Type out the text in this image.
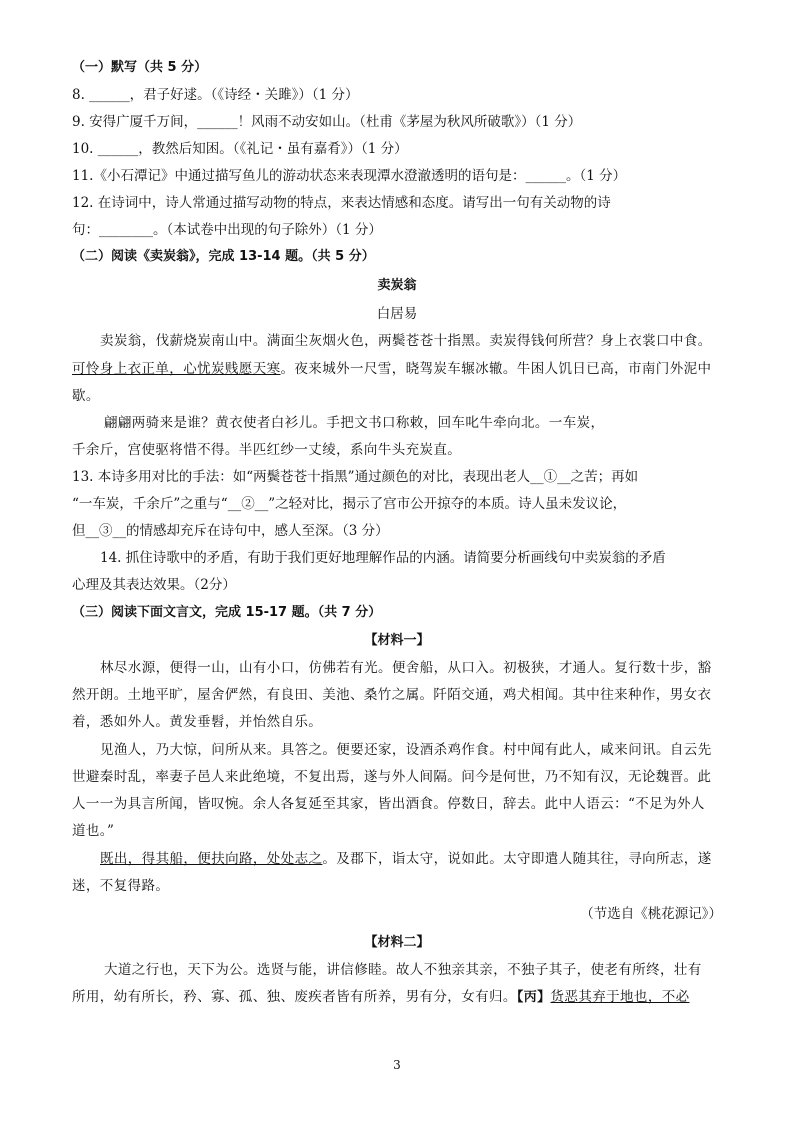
（一）默写（共 5 分）
8. ______，君子好逑。（《诗经・关雎》）（1 分）
9. 安得广厦千万间，______！风雨不动安如山。（杜甫《茅屋为秋风所破歌》）（1 分）
10. ______，教然后知困。（《礼记・虽有嘉肴》）（1 分）
11.《小石潭记》中通过描写鱼儿的游动状态来表现潭水澄澈透明的语句是：______。（1 分）
12. 在诗词中，诗人常通过描写动物的特点，来表达情感和态度。请写出一句有关动物的诗
句：________。（本试卷中出现的句子除外）（1 分）
（二）阅读《卖炭翁》，完成 13-14 题。（共 5 分）
卖炭翁
白居易
卖炭翁，伐薪烧炭南山中。满面尘灰烟火色，两鬓苍苍十指黑。卖炭得钱何所营？身上衣裳口中食。
可怜身上衣正单，心忧炭贱愿天寒。夜来城外一尺雪，晓驾炭车辗冰辙。牛困人饥日已高，市南门外泥中
歇。
翩翩两骑来是谁？黄衣使者白衫儿。手把文书口称敕，回车叱牛牵向北。一车炭，
千余斤，宫使驱将惜不得。半匹红纱一丈绫，系向牛头充炭直。
13. 本诗多用对比的手法：如“两鬓苍苍十指黑”通过颜色的对比，表现出老人__①__之苦；再如
“一车炭，千余斤”之重与“__②__”之轻对比，揭示了宫市公开掠夺的本质。诗人虽未发议论，
但__③__的情感却充斥在诗句中，感人至深。（3 分）
14. 抓住诗歌中的矛盾，有助于我们更好地理解作品的内涵。请简要分析画线句中卖炭翁的矛盾
心理及其表达效果。（2分）
（三）阅读下面文言文，完成 15-17 题。（共 7 分）
【材料一】
林尽水源，便得一山，山有小口，仿佛若有光。便舍船，从口入。初极狭，才通人。复行数十步，豁
然开朗。土地平旷，屋舍俨然，有良田、美池、桑竹之属。阡陌交通，鸡犬相闻。其中往来种作，男女衣
着，悉如外人。黄发垂髫，并怡然自乐。
见渔人，乃大惊，问所从来。具答之。便要还家，设酒杀鸡作食。村中闻有此人，咸来问讯。自云先
世避秦时乱，率妻子邑人来此绝境，不复出焉，遂与外人间隔。问今是何世，乃不知有汉，无论魏晋。此
人一一为具言所闻，皆叹惋。余人各复延至其家，皆出酒食。停数日，辞去。此中人语云：“不足为外人
道也。”
既出，得其船，便扶向路，处处志之。及郡下，诣太守，说如此。太守即遣人随其往，寻向所志，遂
迷，不复得路。
（节选自《桃花源记》）
【材料二】
大道之行也，天下为公。选贤与能，讲信修睦。故人不独亲其亲，不独子其子，使老有所终，壮有
所用，幼有所长，矜、寡、孤、独、废疾者皆有所养，男有分，女有归。【丙】货恶其弃于地也，不必
3
